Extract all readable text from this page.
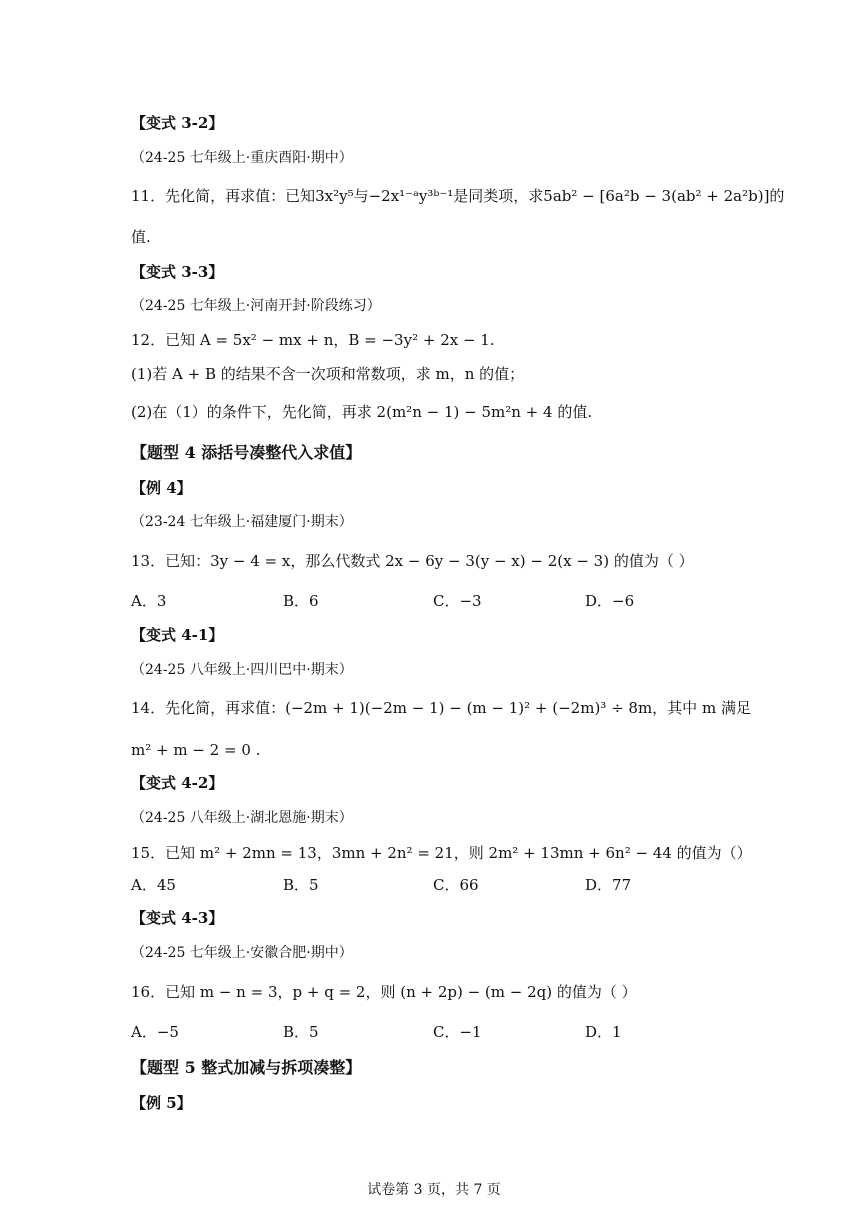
【变式 3-2】
（24-25 七年级上·重庆酉阳·期中）
11．先化简，再求值：已知3x²y⁵与−2x¹⁻ᵃy³ᵇ⁻¹是同类项，求5ab² − [6a²b − 3(ab² + 2a²b)]的
值.
【变式 3-3】
（24-25 七年级上·河南开封·阶段练习）
12．已知 A = 5x² − mx + n，B = −3y² + 2x − 1.
(1)若 A + B 的结果不含一次项和常数项，求 m，n 的值；
(2)在（1）的条件下，先化简，再求 2(m²n − 1) − 5m²n + 4 的值.
【题型 4 添括号凑整代入求值】
【例 4】
（23-24 七年级上·福建厦门·期末）
13．已知：3y − 4 = x，那么代数式 2x − 6y − 3(y − x) − 2(x − 3) 的值为（ ）
A．3	B．6	C．−3	D．−6
【变式 4-1】
（24-25 八年级上·四川巴中·期末）
14．先化简，再求值：(−2m + 1)(−2m − 1) − (m − 1)² + (−2m)³ ÷ 8m，其中 m 满足
m² + m − 2 = 0 .
【变式 4-2】
（24-25 八年级上·湖北恩施·期末）
15．已知 m² + 2mn = 13，3mn + 2n² = 21，则 2m² + 13mn + 6n² − 44 的值为（）
A．45	B．5	C．66	D．77
【变式 4-3】
（24-25 七年级上·安徽合肥·期中）
16．已知 m − n = 3，p + q = 2，则 (n + 2p) − (m − 2q) 的值为（ ）
A．−5	B．5	C．−1	D．1
【题型 5 整式加减与拆项凑整】
【例 5】
试卷第 3 页，共 7 页
